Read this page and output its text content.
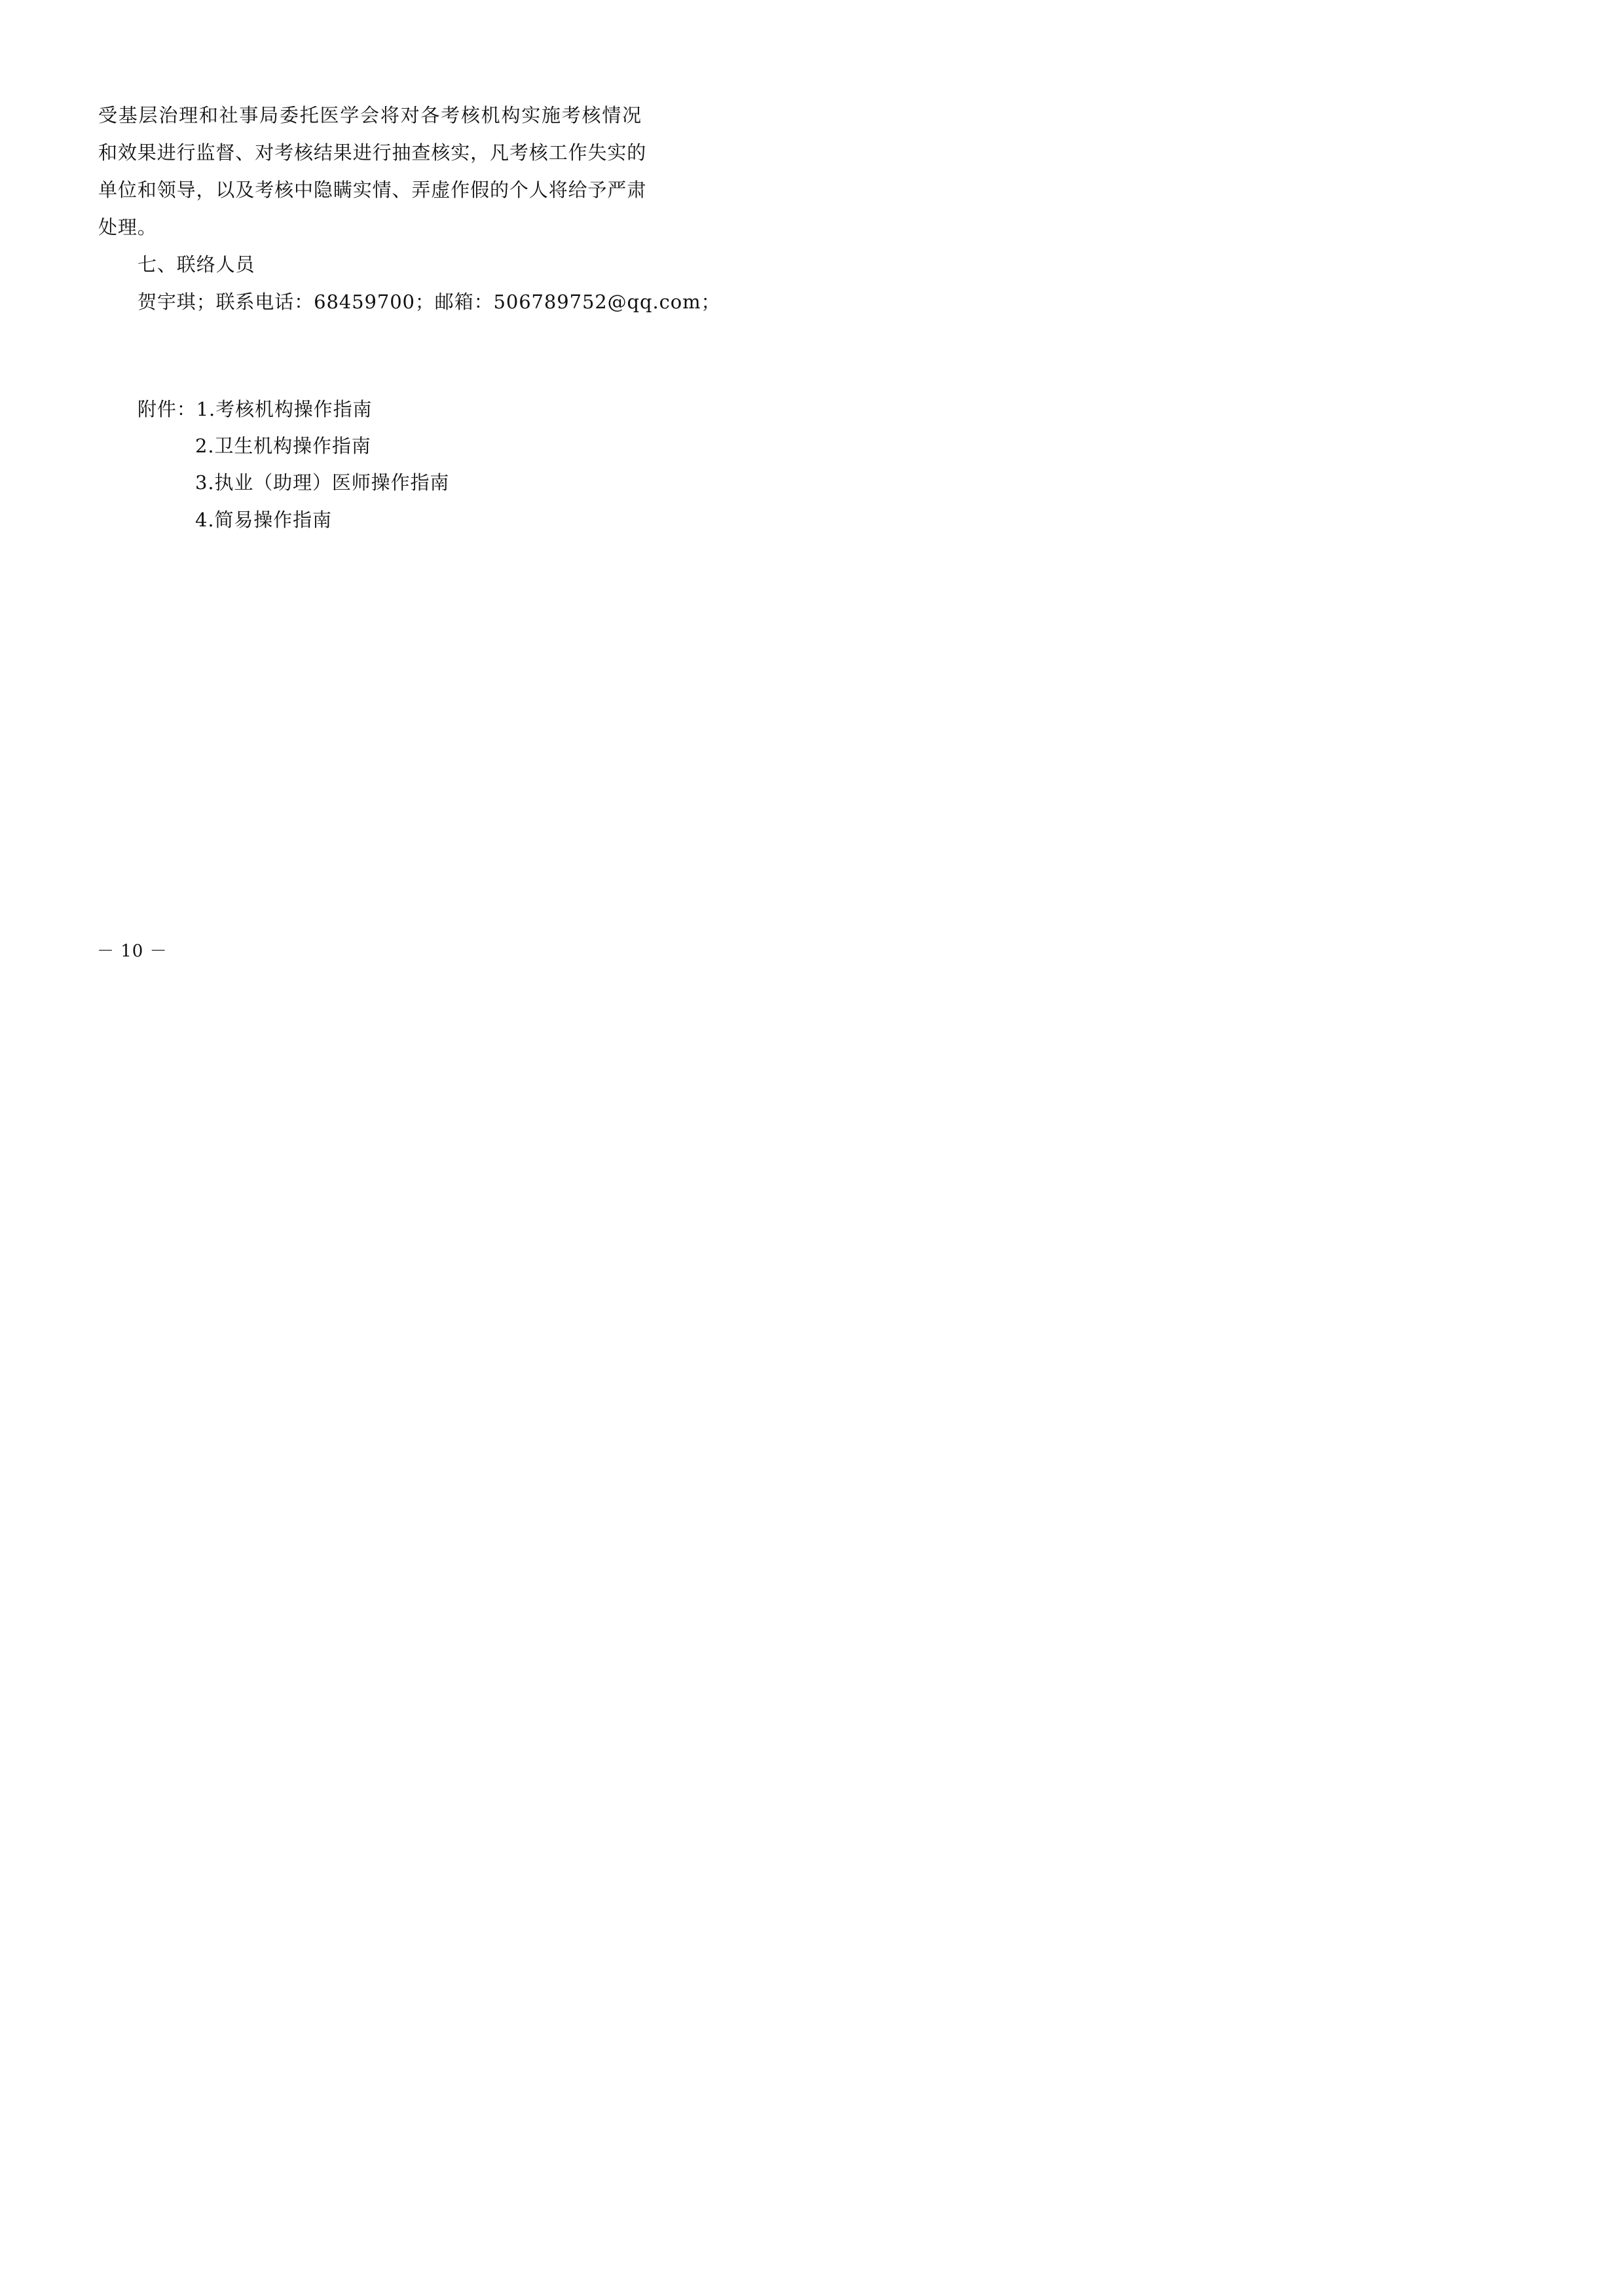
受基层治理和社事局委托医学会将对各考核机构实施考核情况
和效果进行监督、对考核结果进行抽查核实，凡考核工作失实的
单位和领导，以及考核中隐瞒实情、弄虚作假的个人将给予严肃
处理。
七、联络人员
贺宇琪；联系电话：68459700；邮箱：506789752@qq.com；
附件：1.考核机构操作指南
2.卫生机构操作指南
3.执业（助理）医师操作指南
4.简易操作指南
－ 10 －
